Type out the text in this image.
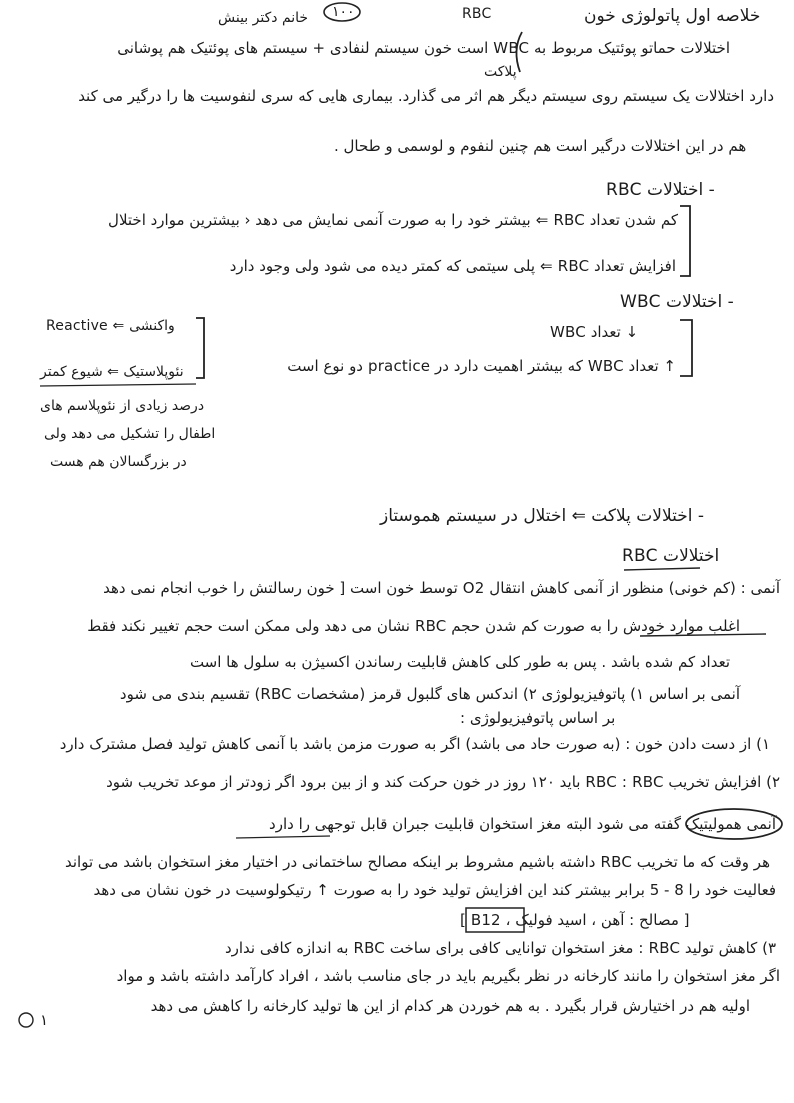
خانم دکتر بینش ۱۰۰	RBC	خلاصه اول پاتولوژی خون
اختلالات حماتو پوئتیک مربوط به WBC است خون سیستم لنفادی + سیستم های پوئتیک هم پوشانی
پلاکت
دارد اختلالات یک سیستم روی سیستم دیگر هم اثر می گذارد. بیماری هایی که سری لنفوسیت ها را درگیر می کند
هم در این اختلالات درگیر است هم چنین لنفوم و لوسمی و طحال .
- اختلالات RBC
کم شدن تعداد RBC ⇐ بیشتر خود را به صورت آنمی نمایش می دهد ‹ بیشترین موارد اختلال
افزایش تعداد RBC ⇐ پلی سیتمی که کمتر دیده می شود ولی وجود دارد
- اختلالات WBC
↓ تعداد WBC
↑ تعداد WBC که بیشتر اهمیت دارد در practice دو نوع است
Reactive ⇐ واکنشی
نئوپلاستیک ⇐ شیوع کمتر
درصد زیادی از نئوپلاسم های
اطفال را تشکیل می دهد ولی
در بزرگسالان هم هست
- اختلالات پلاکت ⇐ اختلال در سیستم هموستاز
اختلالات RBC
آنمی : (کم خونی) منظور از آنمی کاهش انتقال O2 توسط خون است [ خون رسالتش را خوب انجام نمی دهد
اغلب موارد خودش را به صورت کم شدن حجم RBC نشان می دهد ولی ممکن است حجم تغییر نکند فقط
تعداد کم شده باشد . پس به طور کلی کاهش قابلیت رساندن اکسیژن به سلول ها است
آنمی بر اساس ١) پاتوفیزیولوژی ٢) اندکس های گلبول قرمز (مشخصات RBC) تقسیم بندی می شود
بر اساس پاتوفیزیولوژی :
١) از دست دادن خون : (به صورت حاد می باشد) اگر به صورت مزمن باشد با آنمی کاهش تولید فصل مشترک دارد
٢) افزایش تخریب RBC : RBC باید ١٢٠ روز در خون حرکت کند و از بین برود اگر زودتر از موعد تخریب شود
آنمی همولیتیک گفته می شود البته مغز استخوان قابلیت جبران قابل توجهی را دارد
هر وقت که ما تخریب RBC داشته باشیم مشروط بر اینکه مصالح ساختمانی در اختیار مغز استخوان باشد می تواند
فعالیت خود را 8 - 5 برابر بیشتر کند این افزایش تولید خود را به صورت ↑ رتیکولوسیت در خون نشان می دهد
[ مصالح : آهن ، اسید فولیک ، B12 ]
٣) کاهش تولید RBC : مغز استخوان توانایی کافی برای ساخت RBC به اندازه کافی ندارد
اگر مغز استخوان را مانند کارخانه در نظر بگیریم باید در جای مناسب باشد ، افراد کارآمد داشته باشد و مواد
اولیه هم در اختیارش قرار بگیرد . به هم خوردن هر کدام از این ها تولید کارخانه را کاهش می دهد
۱
